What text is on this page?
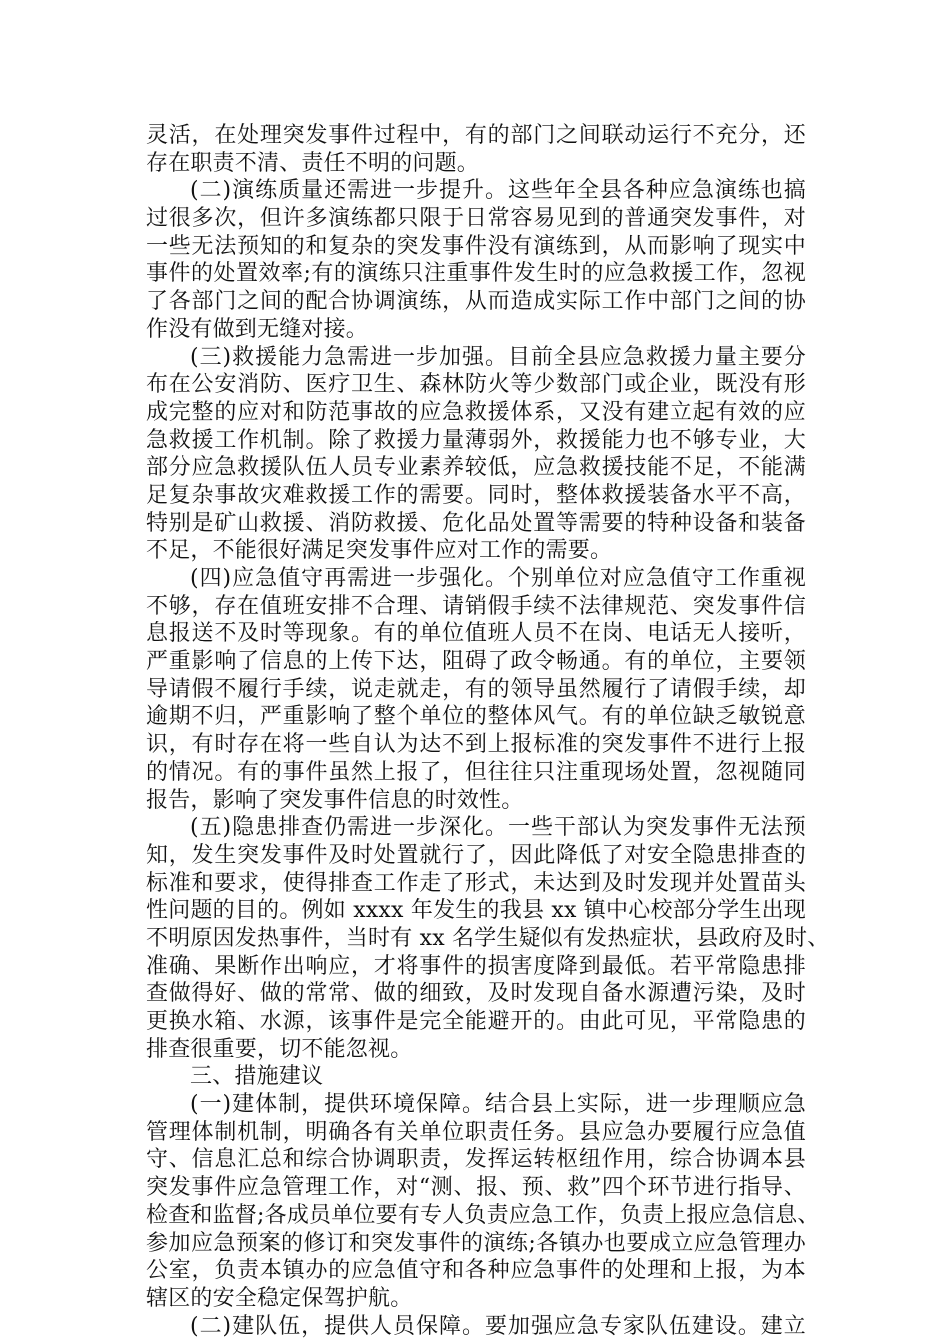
灵活，在处理突发事件过程中，有的部门之间联动运行不充分，还
存在职责不清、责任不明的问题。
(二)演练质量还需进一步提升。这些年全县各种应急演练也搞
过很多次，但许多演练都只限于日常容易见到的普通突发事件，对
一些无法预知的和复杂的突发事件没有演练到，从而影响了现实中
事件的处置效率;有的演练只注重事件发生时的应急救援工作，忽视
了各部门之间的配合协调演练，从而造成实际工作中部门之间的协
作没有做到无缝对接。
(三)救援能力急需进一步加强。目前全县应急救援力量主要分
布在公安消防、医疗卫生、森林防火等少数部门或企业，既没有形
成完整的应对和防范事故的应急救援体系，又没有建立起有效的应
急救援工作机制。除了救援力量薄弱外，救援能力也不够专业，大
部分应急救援队伍人员专业素养较低，应急救援技能不足，不能满
足复杂事故灾难救援工作的需要。同时，整体救援装备水平不高，
特别是矿山救援、消防救援、危化品处置等需要的特种设备和装备
不足，不能很好满足突发事件应对工作的需要。
(四)应急值守再需进一步强化。个别单位对应急值守工作重视
不够，存在值班安排不合理、请销假手续不法律规范、突发事件信
息报送不及时等现象。有的单位值班人员不在岗、电话无人接听，
严重影响了信息的上传下达，阻碍了政令畅通。有的单位，主要领
导请假不履行手续，说走就走，有的领导虽然履行了请假手续，却
逾期不归，严重影响了整个单位的整体风气。有的单位缺乏敏锐意
识，有时存在将一些自认为达不到上报标准的突发事件不进行上报
的情况。有的事件虽然上报了，但往往只注重现场处置，忽视随同
报告，影响了突发事件信息的时效性。
(五)隐患排查仍需进一步深化。一些干部认为突发事件无法预
知，发生突发事件及时处置就行了，因此降低了对安全隐患排查的
标准和要求，使得排查工作走了形式，未达到及时发现并处置苗头
性问题的目的。例如 xxxx 年发生的我县 xx 镇中心校部分学生出现
不明原因发热事件，当时有 xx 名学生疑似有发热症状，县政府及时、
准确、果断作出响应，才将事件的损害度降到最低。若平常隐患排
查做得好、做的常常、做的细致，及时发现自备水源遭污染，及时
更换水箱、水源，该事件是完全能避开的。由此可见，平常隐患的
排查很重要，切不能忽视。
三、措施建议
(一)建体制，提供环境保障。结合县上实际，进一步理顺应急
管理体制机制，明确各有关单位职责任务。县应急办要履行应急值
守、信息汇总和综合协调职责，发挥运转枢纽作用，综合协调本县
突发事件应急管理工作，对“测、报、预、救”四个环节进行指导、
检查和监督;各成员单位要有专人负责应急工作，负责上报应急信息、
参加应急预案的修订和突发事件的演练;各镇办也要成立应急管理办
公室，负责本镇办的应急值守和各种应急事件的处理和上报，为本
辖区的安全稳定保驾护航。
(二)建队伍，提供人员保障。要加强应急专家队伍建设。建立
